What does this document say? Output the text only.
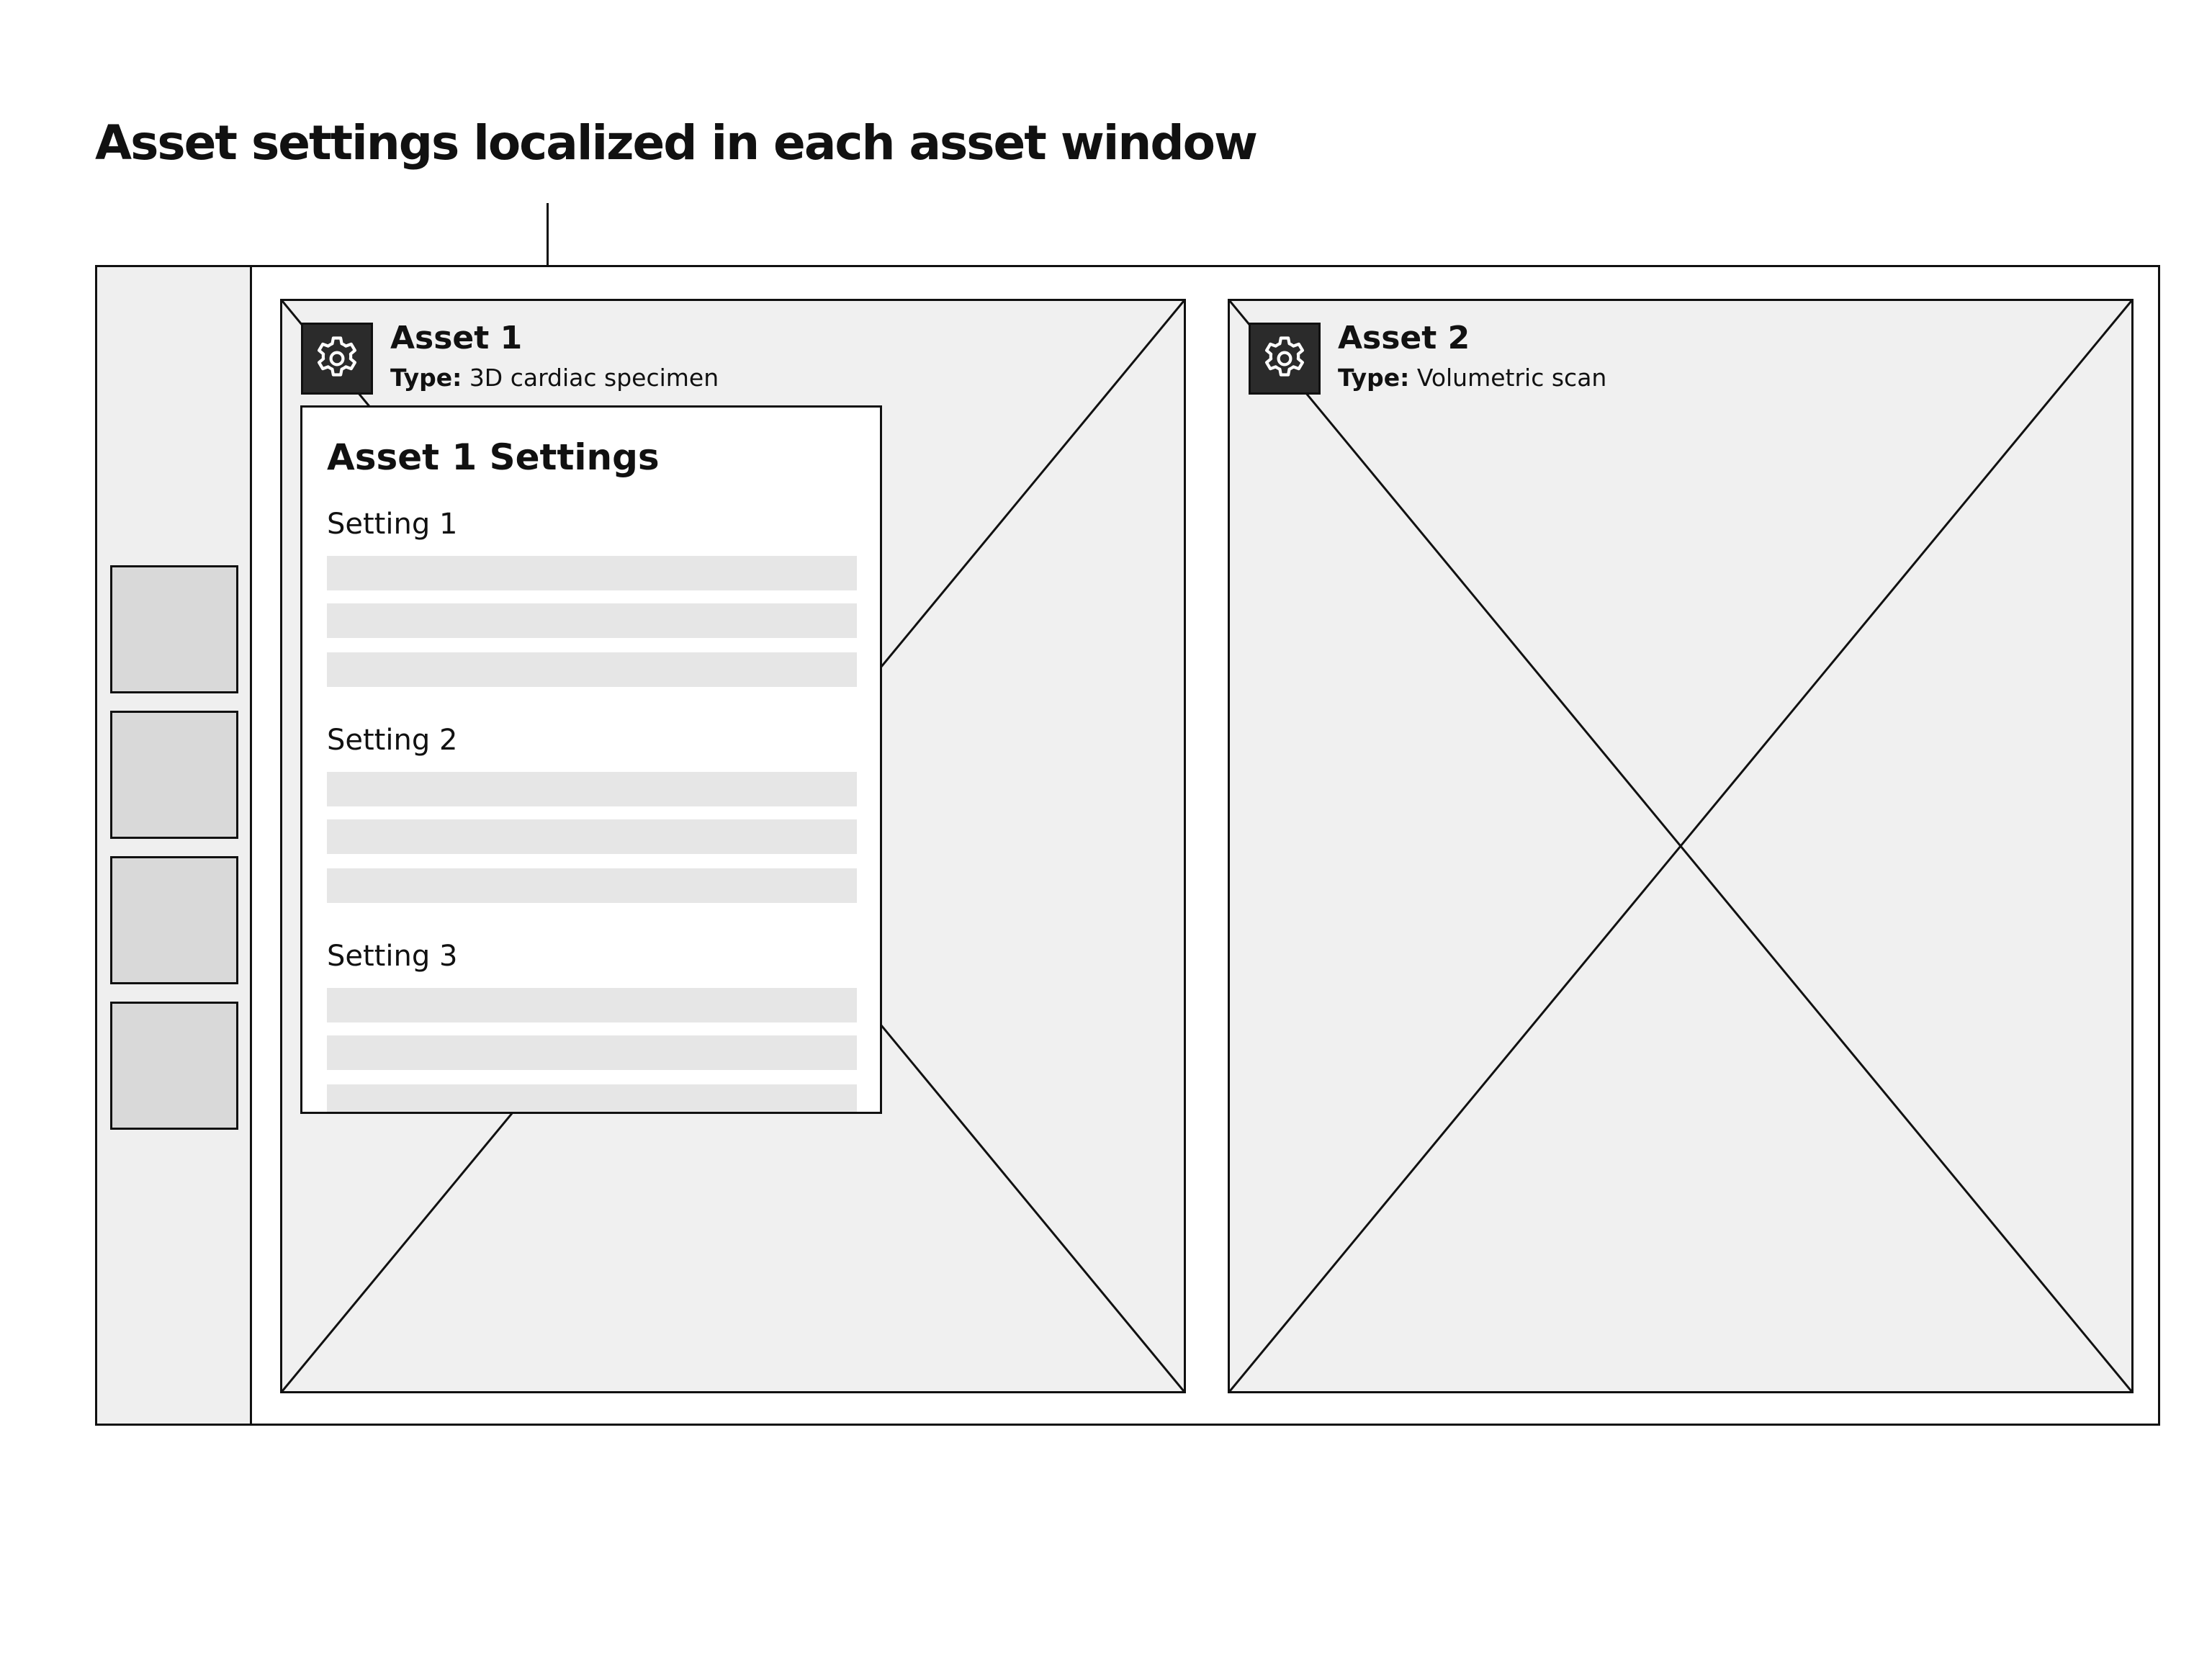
Asset settings localized in each asset window
Asset 1
Type: 3D cardiac specimen
Asset 2
Type: Volumetric scan
Asset 1 Settings
Setting 1
Setting 2
Setting 3
